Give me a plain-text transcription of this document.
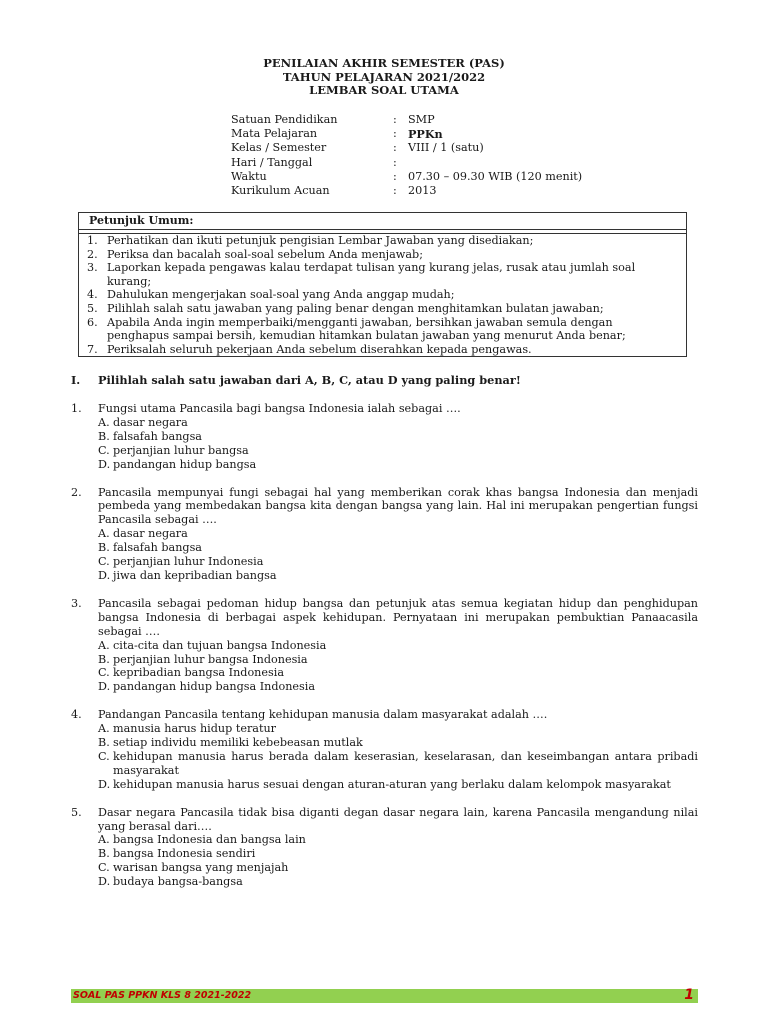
PENILAIAN AKHIR SEMESTER (PAS)
TAHUN PELAJARAN 2021/2022
LEMBAR SOAL UTAMA
Satuan Pendidikan	:	SMP
Mata Pelajaran	:	PPKn
Kelas / Semester	:	VIII / 1 (satu)
Hari / Tanggal	:
Waktu	:	07.30 – 09.30 WIB (120 menit)
Kurikulum Acuan	:	2013
Petunjuk Umum:
1. Perhatikan dan ikuti petunjuk pengisian Lembar Jawaban yang disediakan;
2. Periksa dan bacalah soal-soal sebelum Anda menjawab;
3. Laporkan kepada pengawas kalau terdapat tulisan yang kurang jelas, rusak atau jumlah soal kurang;
4. Dahulukan mengerjakan soal-soal yang Anda anggap mudah;
5. Pilihlah salah satu jawaban yang paling benar dengan menghitamkan bulatan jawaban;
6. Apabila Anda ingin memperbaiki/mengganti jawaban, bersihkan jawaban semula dengan penghapus sampai bersih, kemudian hitamkan bulatan jawaban yang menurut Anda benar;
7. Periksalah seluruh pekerjaan Anda sebelum diserahkan kepada pengawas.
I. Pilihlah salah satu jawaban dari A, B, C, atau D yang paling benar!
1.	Fungsi utama Pancasila bagi bangsa Indonesia ialah sebagai ….
A. dasar negara
B. falsafah bangsa
C. perjanjian luhur bangsa
D. pandangan hidup bangsa
2.	Pancasila mempunyai fungi sebagai hal yang memberikan corak khas bangsa Indonesia dan menjadi pembeda yang membedakan bangsa kita dengan bangsa yang lain. Hal ini merupakan pengertian fungsi Pancasila sebagai ….
A. dasar negara
B. falsafah bangsa
C. perjanjian luhur Indonesia
D. jiwa dan kepribadian bangsa
3.	Pancasila sebagai pedoman hidup bangsa dan petunjuk atas semua kegiatan hidup dan penghidupan bangsa Indonesia di berbagai aspek kehidupan. Pernyataan ini merupakan pembuktian Panaacasila sebagai ….
A. cita-cita dan tujuan bangsa Indonesia
B. perjanjian luhur bangsa Indonesia
C. kepribadian bangsa Indonesia
D. pandangan hidup bangsa Indonesia
4.	Pandangan Pancasila tentang kehidupan manusia dalam masyarakat adalah ….
A. manusia harus hidup teratur
B. setiap individu memiliki kebebeasan mutlak
C. kehidupan manusia harus berada dalam keserasian, keselarasan, dan keseimbangan antara pribadi masyarakat
D. kehidupan manusia harus sesuai dengan aturan-aturan yang berlaku dalam kelompok masyarakat
5.	Dasar negara Pancasila tidak bisa diganti degan dasar negara lain, karena Pancasila mengandung nilai yang berasal dari….
A. bangsa Indonesia dan bangsa lain
B. bangsa Indonesia sendiri
C. warisan bangsa yang menjajah
D. budaya bangsa-bangsa
SOAL PAS PPKN KLS 8 2021-2022	1
